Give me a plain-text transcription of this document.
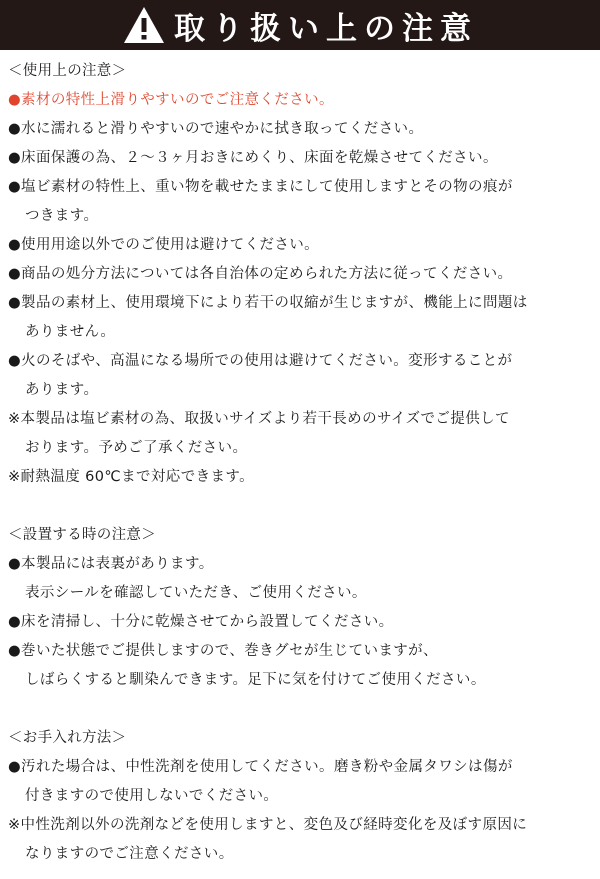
取り扱い上の注意
＜使用上の注意＞
●素材の特性上滑りやすいのでご注意ください。
●水に濡れると滑りやすいので速やかに拭き取ってください。
●床面保護の為、２～３ヶ月おきにめくり、床面を乾燥させてください。
●塩ビ素材の特性上、重い物を載せたままにして使用しますとその物の痕が
つきます。
●使用用途以外でのご使用は避けてください。
●商品の処分方法については各自治体の定められた方法に従ってください。
●製品の素材上、使用環境下により若干の収縮が生じますが、機能上に問題は
ありません。
●火のそばや、高温になる場所での使用は避けてください。変形することが
あります。
※本製品は塩ビ素材の為、取扱いサイズより若干長めのサイズでご提供して
おります。予めご了承ください。
※耐熱温度 60℃まで対応できます。
＜設置する時の注意＞
●本製品には表裏があります。
表示シールを確認していただき、ご使用ください。
●床を清掃し、十分に乾燥させてから設置してください。
●巻いた状態でご提供しますので、巻きグセが生じていますが、
しばらくすると馴染んできます。足下に気を付けてご使用ください。
＜お手入れ方法＞
●汚れた場合は、中性洗剤を使用してください。磨き粉や金属タワシは傷が
付きますので使用しないでください。
※中性洗剤以外の洗剤などを使用しますと、変色及び経時変化を及ぼす原因に
なりますのでご注意ください。
